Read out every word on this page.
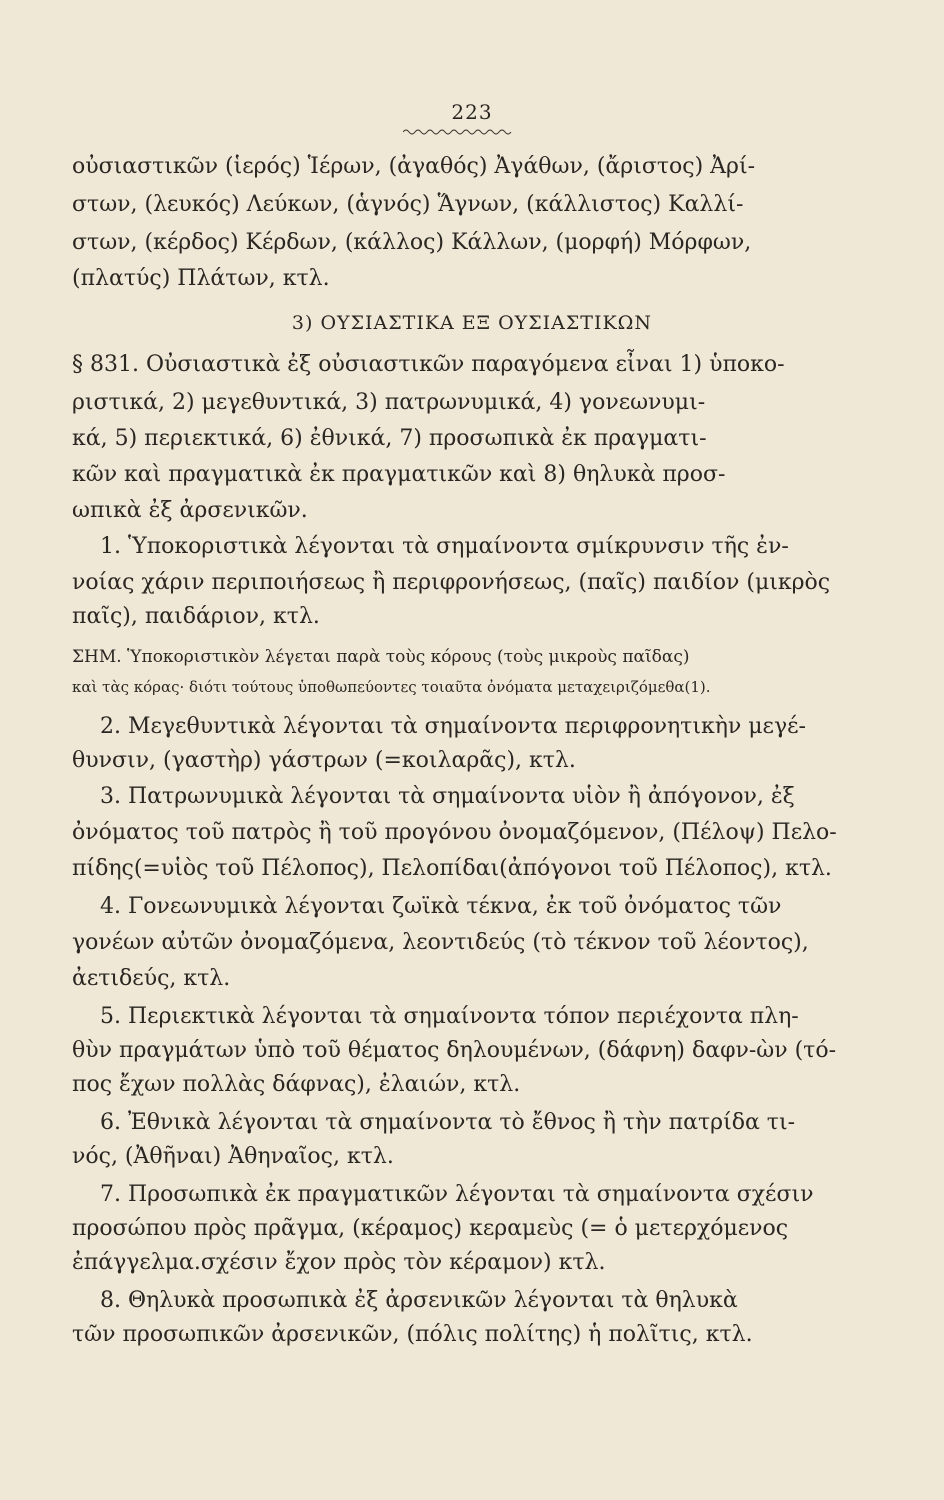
223
οὐσιαστικῶν (ἱερός) Ἱέρων, (ἀγαθός) Ἀγάθων, (ἄριστος) Ἀρί-
στων, (λευκός) Λεύκων, (ἁγνός) Ἅγνων, (κάλλιστος) Καλλί-
στων, (κέρδος) Κέρδων, (κάλλος) Κάλλων, (μορφή) Μόρφων,
(πλατύς) Πλάτων, κτλ.
3) ΟΥΣΙΑΣΤΙΚΑ ΕΞ ΟΥΣΙΑΣΤΙΚΩΝ
§ 831. Οὐσιαστικὰ ἐξ οὐσιαστικῶν παραγόμενα εἶναι 1) ὑποκο-
ριστικά, 2) μεγεθυντικά, 3) πατρωνυμικά, 4) γονεωνυμι-
κά, 5) περιεκτικά, 6) ἐθνικά, 7) προσωπικὰ ἐκ πραγματι-
κῶν καὶ πραγματικὰ ἐκ πραγματικῶν καὶ 8) θηλυκὰ προσ-
ωπικὰ ἐξ ἀρσενικῶν.
1. Ὑποκοριστικὰ λέγονται τὰ σημαίνοντα σμίκρυνσιν τῆς ἐν-
νοίας χάριν περιποιήσεως ἢ περιφρονήσεως, (παῖς) παιδίον (μικρὸς
παῖς), παιδάριον, κτλ.
ΣΗΜ. Ὑποκοριστικὸν λέγεται παρὰ τοὺς κόρους (τοὺς μικροὺς παῖδας)
καὶ τὰς κόρας· διότι τούτους ὑποθωπεύοντες τοιαῦτα ὀνόματα μεταχειριζόμεθα(1).
2. Μεγεθυντικὰ λέγονται τὰ σημαίνοντα περιφρονητικὴν μεγέ-
θυνσιν, (γαστὴρ) γάστρων (=κοιλαρᾶς), κτλ.
3. Πατρωνυμικὰ λέγονται τὰ σημαίνοντα υἱὸν ἢ ἀπόγονον, ἐξ
ὀνόματος τοῦ πατρὸς ἢ τοῦ προγόνου ὀνομαζόμενον, (Πέλοψ) Πελο-
πίδης(=υἱὸς τοῦ Πέλοπος), Πελοπίδαι(ἀπόγονοι τοῦ Πέλοπος), κτλ.
4. Γονεωνυμικὰ λέγονται ζωϊκὰ τέκνα, ἐκ τοῦ ὀνόματος τῶν
γονέων αὐτῶν ὀνομαζόμενα, λεοντιδεύς (τὸ τέκνον τοῦ λέοντος),
ἀετιδεύς, κτλ.
5. Περιεκτικὰ λέγονται τὰ σημαίνοντα τόπον περιέχοντα πλη-
θὺν πραγμάτων ὑπὸ τοῦ θέματος δηλουμένων, (δάφνη) δαφν-ὼν (τό-
πος ἔχων πολλὰς δάφνας), ἐλαιών, κτλ.
6. Ἐθνικὰ λέγονται τὰ σημαίνοντα τὸ ἔθνος ἢ τὴν πατρίδα τι-
νός, (Ἀθῆναι) Ἀθηναῖος, κτλ.
7. Προσωπικὰ ἐκ πραγματικῶν λέγονται τὰ σημαίνοντα σχέσιν
προσώπου πρὸς πρᾶγμα, (κέραμος) κεραμεὺς (= ὁ μετερχόμενος
ἐπάγγελμα.σχέσιν ἔχον πρὸς τὸν κέραμον) κτλ.
8. Θηλυκὰ προσωπικὰ ἐξ ἀρσενικῶν λέγονται τὰ θηλυκὰ
τῶν προσωπικῶν ἀρσενικῶν, (πόλις πολίτης) ἡ πολῖτις, κτλ.
